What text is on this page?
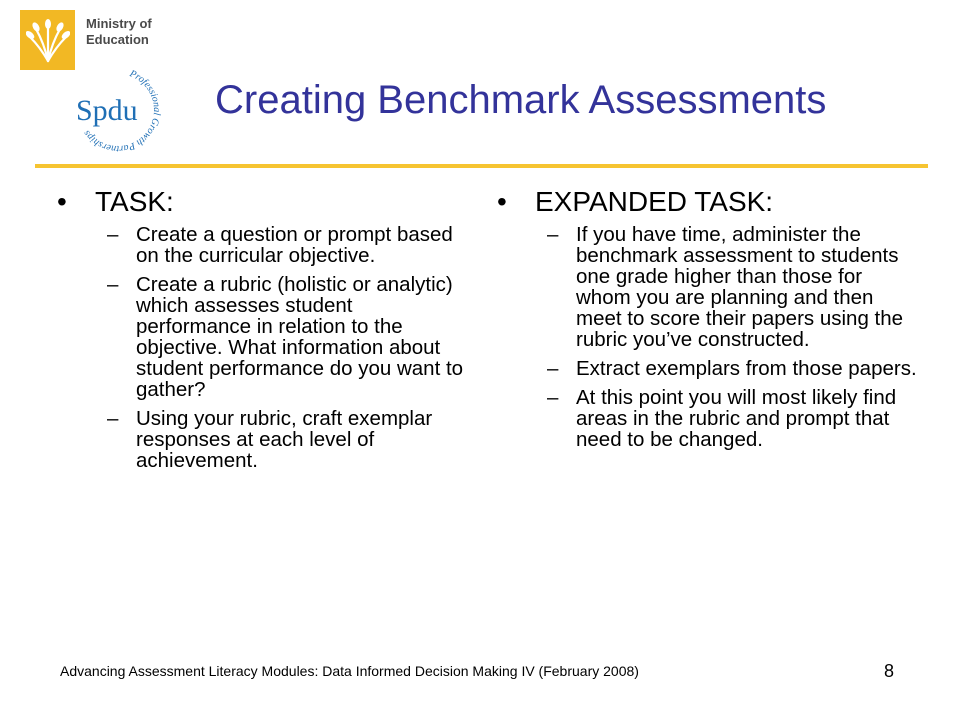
Ministry of
Education
Professional Growth Partnerships
Spdu Creating Benchmark Assessments
•	TASK:
– Create a question or prompt based on the curricular objective.
– Create a rubric (holistic or analytic) which assesses student performance in relation to the objective. What information about student performance do you want to gather?
– Using your rubric, craft exemplar responses at each level of achievement.
•	EXPANDED TASK:
– If you have time, administer the benchmark assessment to students one grade higher than those for whom you are planning and then meet to score their papers using the rubric you’ve constructed.
– Extract exemplars from those papers.
– At this point you will most likely find areas in the rubric and prompt that need to be changed.
Advancing Assessment Literacy Modules: Data Informed Decision Making IV (February 2008)	8
